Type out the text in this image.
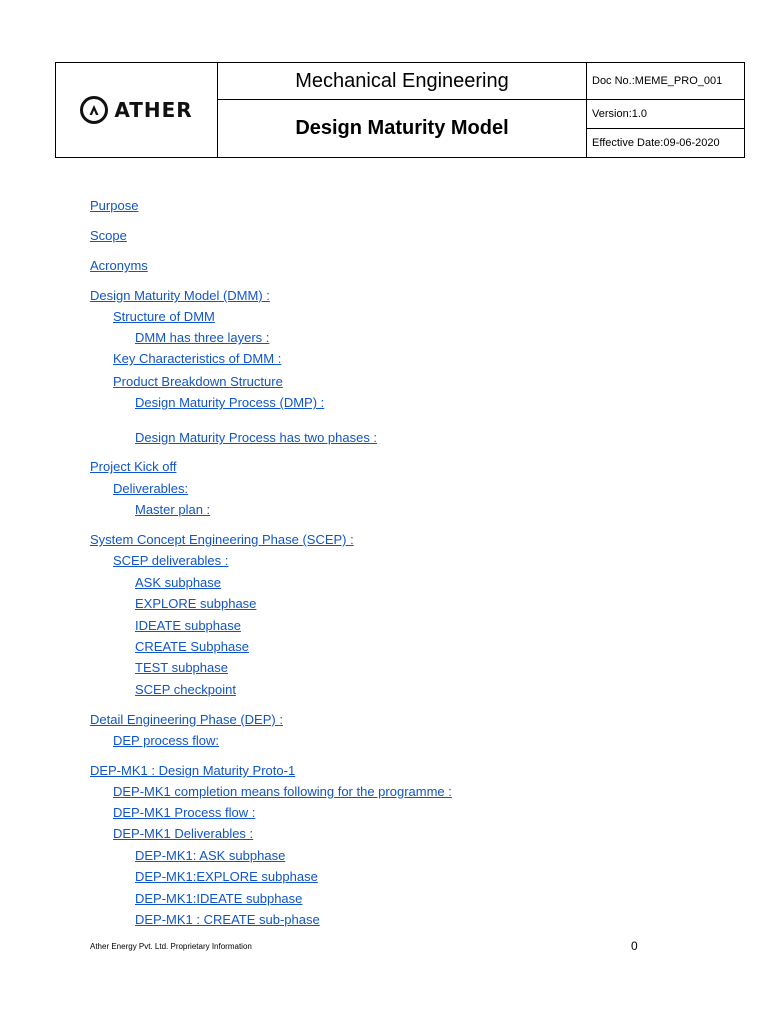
ATHER	Mechanical Engineering	Doc No.:MEME_PRO_001
	Design Maturity Model	Version:1.0
		Effective Date:09-06-2020
Purpose
Scope
Acronyms
Design Maturity Model (DMM) :
Structure of DMM
DMM has three layers :
Key Characteristics of DMM :
Product Breakdown Structure
Design Maturity Process (DMP) :
Design Maturity Process has two phases :
Project Kick off
Deliverables:
Master plan :
System Concept Engineering Phase (SCEP) :
SCEP deliverables :
ASK subphase
EXPLORE subphase
IDEATE subphase
CREATE Subphase
TEST subphase
SCEP checkpoint
Detail Engineering Phase (DEP) :
DEP process flow:
DEP-MK1 : Design Maturity Proto-1
DEP-MK1 completion means following for the programme :
DEP-MK1 Process flow :
DEP-MK1 Deliverables :
DEP-MK1: ASK subphase
DEP-MK1:EXPLORE subphase
DEP-MK1:IDEATE subphase
DEP-MK1 : CREATE sub-phase
Ather Energy Pvt. Ltd. Proprietary Information	0
